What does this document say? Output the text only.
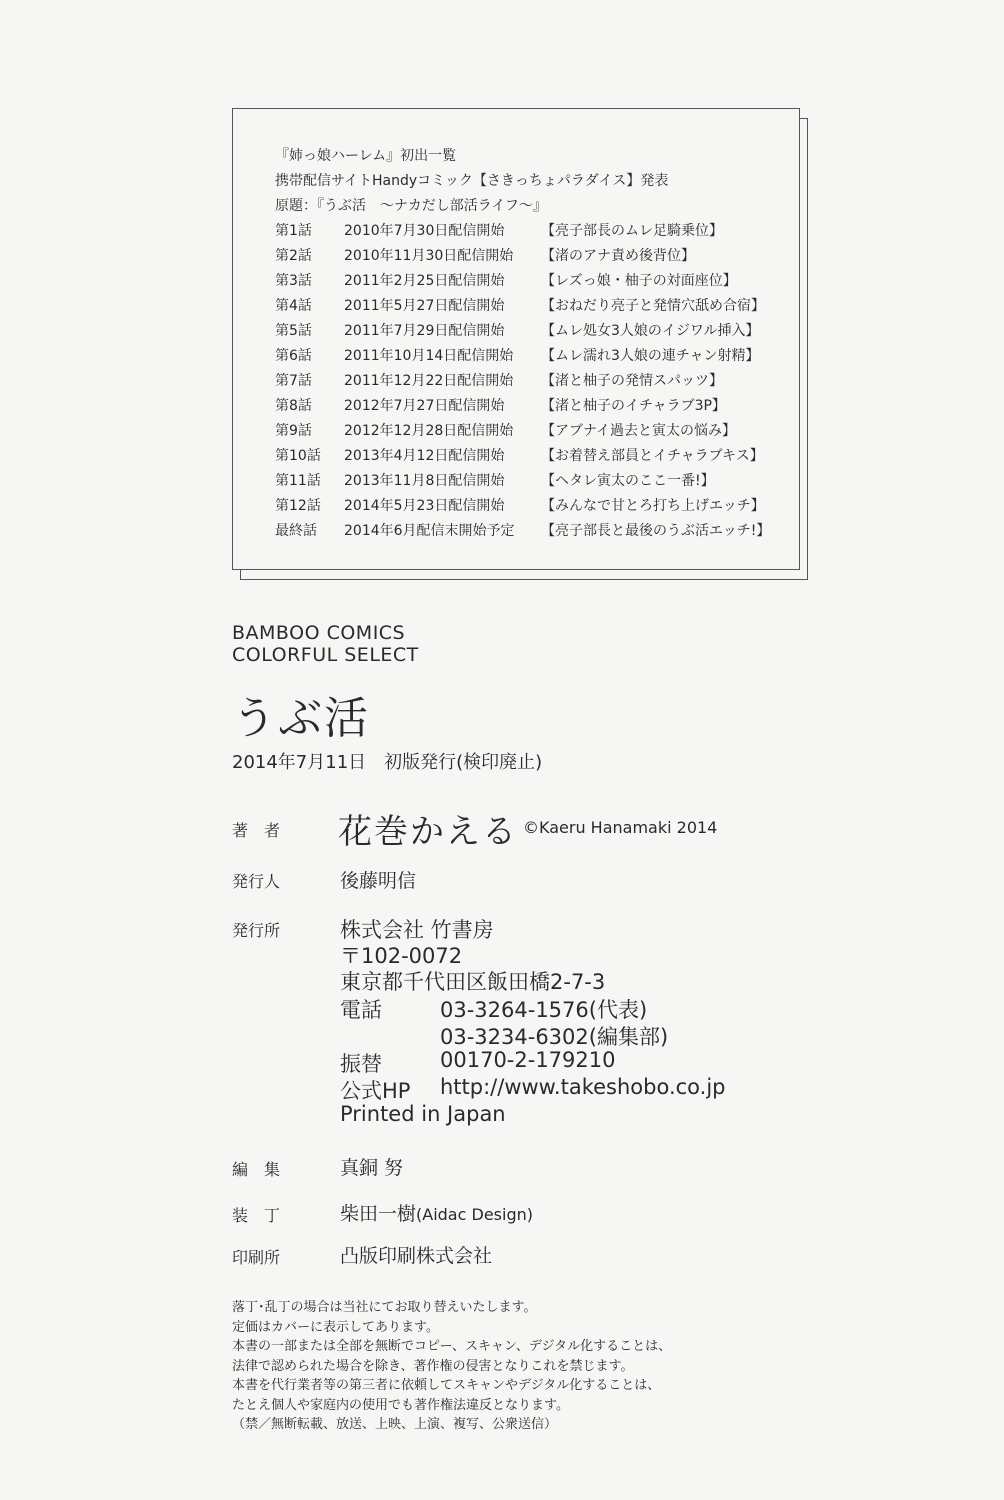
『姉っ娘ハーレム』初出一覧
携帯配信サイトHandyコミック【さきっちょパラダイス】発表
原題：『うぶ活　〜ナカだし部活ライフ〜』
第1話 2010年7月30日配信開始	【亮子部長のムレ足騎乗位】
第2話 2010年11月30日配信開始 【渚のアナ責め後背位】
第3話 2011年2月25日配信開始	【レズっ娘・柚子の対面座位】
第4話 2011年5月27日配信開始	【おねだり亮子と発情穴舐め合宿】
第5話 2011年7月29日配信開始	【ムレ処女3人娘のイジワル挿入】
第6話 2011年10月14日配信開始 【ムレ濡れ3人娘の連チャン射精】
第7話 2011年12月22日配信開始 【渚と柚子の発情スパッツ】
第8話 2012年7月27日配信開始	【渚と柚子のイチャラブ3P】
第9話 2012年12月28日配信開始 【アブナイ過去と寅太の悩み】
第10話 2013年4月12日配信開始	【お着替え部員とイチャラブキス】
第11話 2013年11月8日配信開始	【ヘタレ寅太のここ一番!】
第12話 2014年5月23日配信開始	【みんなで甘とろ打ち上げエッチ】
最終話 2014年6月配信末開始予定 【亮子部長と最後のうぶ活エッチ!】
BAMBOO COMICS
COLORFUL SELECT
うぶ活
2014年7月11日　初版発行(検印廃止)
著　者 花巻かえる ©Kaeru Hanamaki 2014
発行人	後藤明信
発行所	株式会社 竹書房
〒102-0072
東京都千代田区飯田橋2-7-3
電話	03-3264-1576(代表)
03-3234-6302(編集部)
振替	00170-2-179210
公式HP http://www.takeshobo.co.jp
Printed in Japan
編　集	真銅 努
装　丁	柴田一樹(Aidac Design)
印刷所	凸版印刷株式会社
落丁･乱丁の場合は当社にてお取り替えいたします。
定価はカバーに表示してあります。
本書の一部または全部を無断でコピー、スキャン、デジタル化することは、
法律で認められた場合を除き、著作権の侵害となりこれを禁じます。
本書を代行業者等の第三者に依頼してスキャンやデジタル化することは、
たとえ個人や家庭内の使用でも著作権法違反となります。
（禁／無断転載、放送、上映、上演、複写、公衆送信）
